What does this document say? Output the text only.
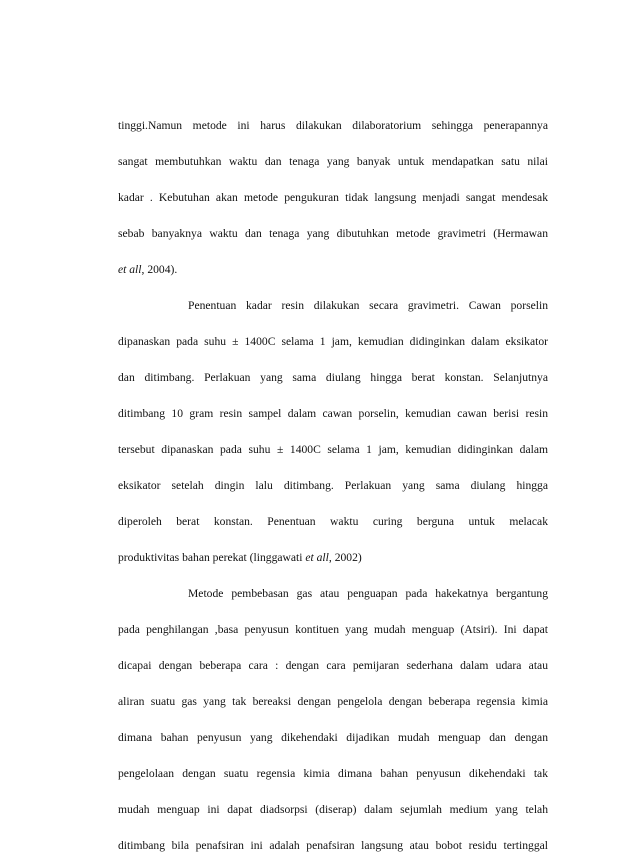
tinggi.Namun metode ini harus dilakukan dilaboratorium sehingga penerapannya
sangat membutuhkan waktu dan tenaga yang banyak untuk mendapatkan satu nilai
kadar . Kebutuhan akan metode pengukuran tidak langsung menjadi sangat mendesak
sebab banyaknya waktu dan tenaga yang dibutuhkan metode gravimetri (Hermawan
et all, 2004).
Penentuan kadar resin dilakukan secara gravimetri. Cawan porselin
dipanaskan pada suhu ± 1400C selama 1 jam, kemudian didinginkan dalam eksikator
dan ditimbang. Perlakuan yang sama diulang hingga berat konstan. Selanjutnya
ditimbang 10 gram resin sampel dalam cawan porselin, kemudian cawan berisi resin
tersebut dipanaskan pada suhu ± 1400C selama 1 jam, kemudian didinginkan dalam
eksikator setelah dingin lalu ditimbang. Perlakuan yang sama diulang hingga
diperoleh berat konstan. Penentuan waktu curing berguna untuk melacak
produktivitas bahan perekat (linggawati et all, 2002)
Metode pembebasan gas atau penguapan pada hakekatnya bergantung
pada penghilangan ,basa penyusun kontituen yang mudah menguap (Atsiri). Ini dapat
dicapai dengan beberapa cara : dengan cara pemijaran sederhana dalam udara atau
aliran suatu gas yang tak bereaksi dengan pengelola dengan beberapa regensia kimia
dimana bahan penyusun yang dikehendaki dijadikan mudah menguap dan dengan
pengelolaan dengan suatu regensia kimia dimana bahan penyusun dikehendaki tak
mudah menguap ini dapat diadsorpsi (diserap) dalam sejumlah medium yang telah
ditimbang bila penafsiran ini adalah penafsiran langsung atau bobot residu tertinggal
